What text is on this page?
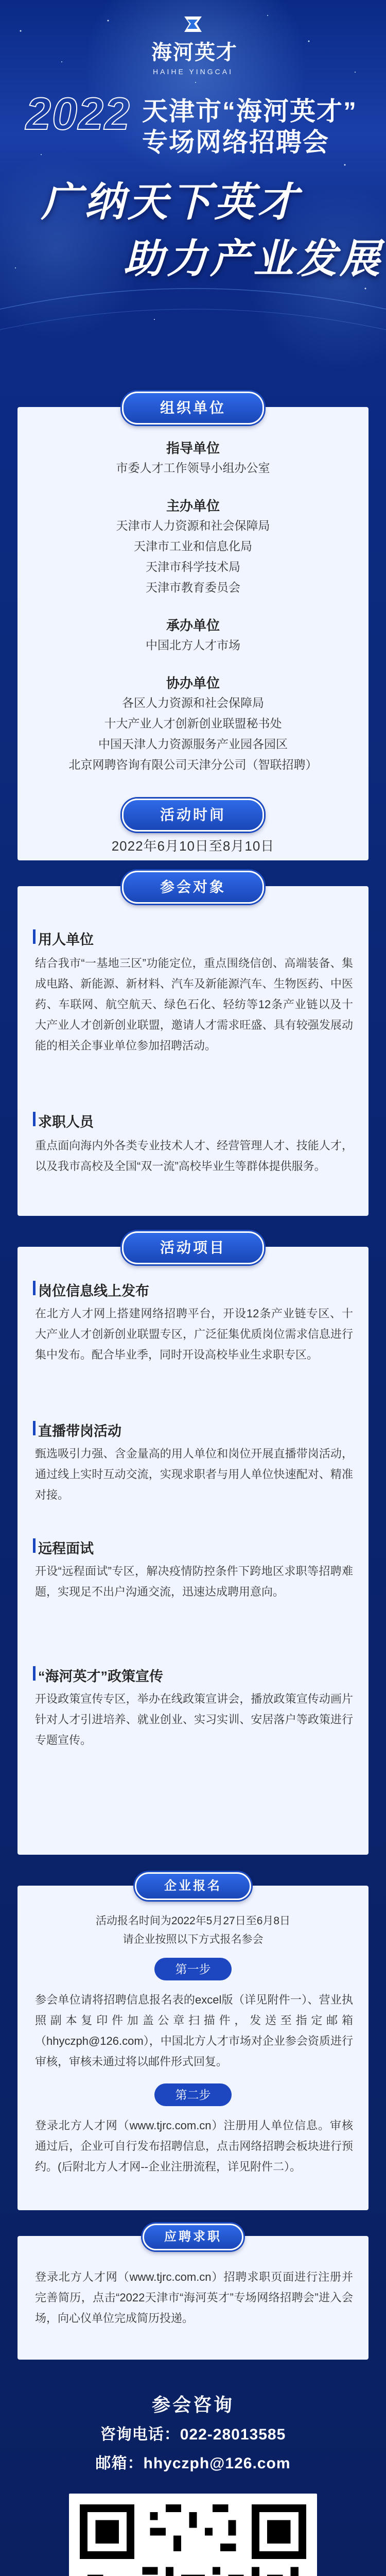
海河英才
HAIHE YINGCAI
2022 天津市“海河英才”
专场网络招聘会
广纳天下英才
助力产业发展
组织单位
指导单位
市委人才工作领导小组办公室
主办单位
天津市人力资源和社会保障局
天津市工业和信息化局
天津市科学技术局
天津市教育委员会
承办单位
中国北方人才市场
协办单位
各区人力资源和社会保障局
十大产业人才创新创业联盟秘书处
中国天津人力资源服务产业园各园区
北京网聘咨询有限公司天津分公司（智联招聘）
活动时间
2022年6月10日至8月10日
参会对象
用人单位
结合我市“一基地三区”功能定位，重点围绕信创、高端装备、集成电路、新能源、新材料、汽车及新能源汽车、生物医药、中医药、车联网、航空航天、绿色石化、轻纺等12条产业链以及十大产业人才创新创业联盟，邀请人才需求旺盛、具有较强发展动能的相关企事业单位参加招聘活动。
求职人员
重点面向海内外各类专业技术人才、经营管理人才、技能人才，以及我市高校及全国“双一流”高校毕业生等群体提供服务。
活动项目
岗位信息线上发布
在北方人才网上搭建网络招聘平台，开设12条产业链专区、十大产业人才创新创业联盟专区，广泛征集优质岗位需求信息进行集中发布。配合毕业季，同时开设高校毕业生求职专区。
直播带岗活动
甄选吸引力强、含金量高的用人单位和岗位开展直播带岗活动，通过线上实时互动交流，实现求职者与用人单位快速配对、精准对接。
远程面试
开设“远程面试”专区，解决疫情防控条件下跨地区求职等招聘难题，实现足不出户沟通交流，迅速达成聘用意向。
“海河英才”政策宣传
开设政策宣传专区，举办在线政策宣讲会，播放政策宣传动画片针对人才引进培养、就业创业、实习实训、安居落户等政策进行专题宣传。
企业报名
活动报名时间为2022年5月27日至6月8日
请企业按照以下方式报名参会
第一步
参会单位请将招聘信息报名表的excel版（详见附件一）、营业执照副本复印件加盖公章扫描件，发送至指定邮箱（hhyczph@126.com），中国北方人才市场对企业参会资质进行审核，审核未通过将以邮件形式回复。
第二步
登录北方人才网（www.tjrc.com.cn）注册用人单位信息。审核通过后，企业可自行发布招聘信息，点击网络招聘会板块进行预约。(后附北方人才网--企业注册流程，详见附件二）。
应聘求职
登录北方人才网（www.tjrc.com.cn）招聘求职页面进行注册并完善简历，点击“2022天津市“海河英才”专场网络招聘会”进入会场，向心仪单位完成简历投递。
参会咨询
咨询电话：022-28013585
邮箱：hhyczph@126.com
